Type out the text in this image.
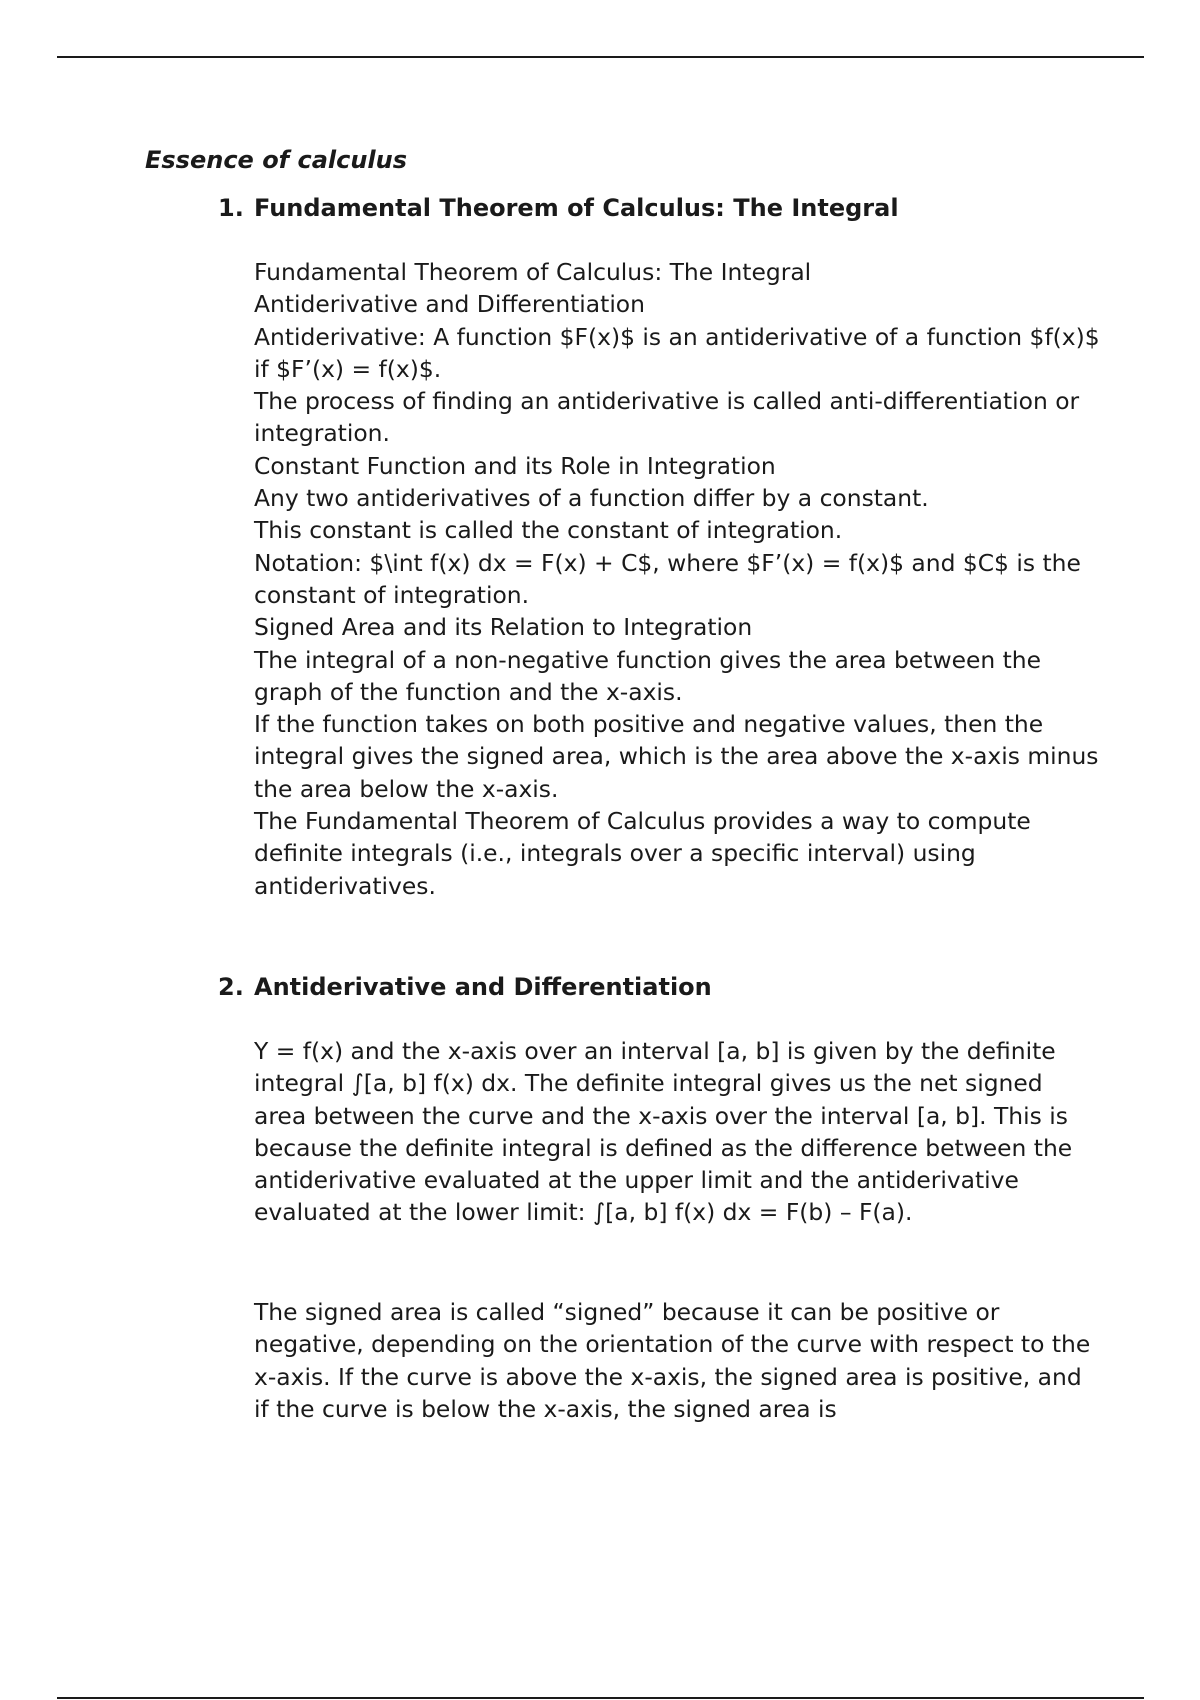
Essence of calculus
1. Fundamental Theorem of Calculus: The Integral

Fundamental Theorem of Calculus: The Integral

Antiderivative and Differentiation

Antiderivative: A function $F(x)$ is an antiderivative of a function $f(x)$ if $F’(x) = f(x)$.

The process of finding an antiderivative is called anti-differentiation or integration.

Constant Function and its Role in Integration

Any two antiderivatives of a function differ by a constant.

This constant is called the constant of integration.

Notation: $\int f(x) dx = F(x) + C$, where $F’(x) = f(x)$ and $C$ is the constant of integration.

Signed Area and its Relation to Integration

The integral of a non-negative function gives the area between the graph of the function and the x-axis.

If the function takes on both positive and negative values, then the integral gives the signed area, which is the area above the x-axis minus the area below the x-axis.

The Fundamental Theorem of Calculus provides a way to compute definite integrals (i.e., integrals over a specific interval) using antiderivatives.

2. Antiderivative and Differentiation

Y = f(x) and the x-axis over an interval [a, b] is given by the definite integral ∫[a, b] f(x) dx. The definite integral gives us the net signed area between the curve and the x-axis over the interval [a, b]. This is because the definite integral is defined as the difference between the antiderivative evaluated at the upper limit and the antiderivative evaluated at the lower limit: ∫[a, b] f(x) dx = F(b) – F(a).

The signed area is called “signed” because it can be positive or negative, depending on the orientation of the curve with respect to the x-axis. If the curve is above the x-axis, the signed area is positive, and if the curve is below the x-axis, the signed area is
